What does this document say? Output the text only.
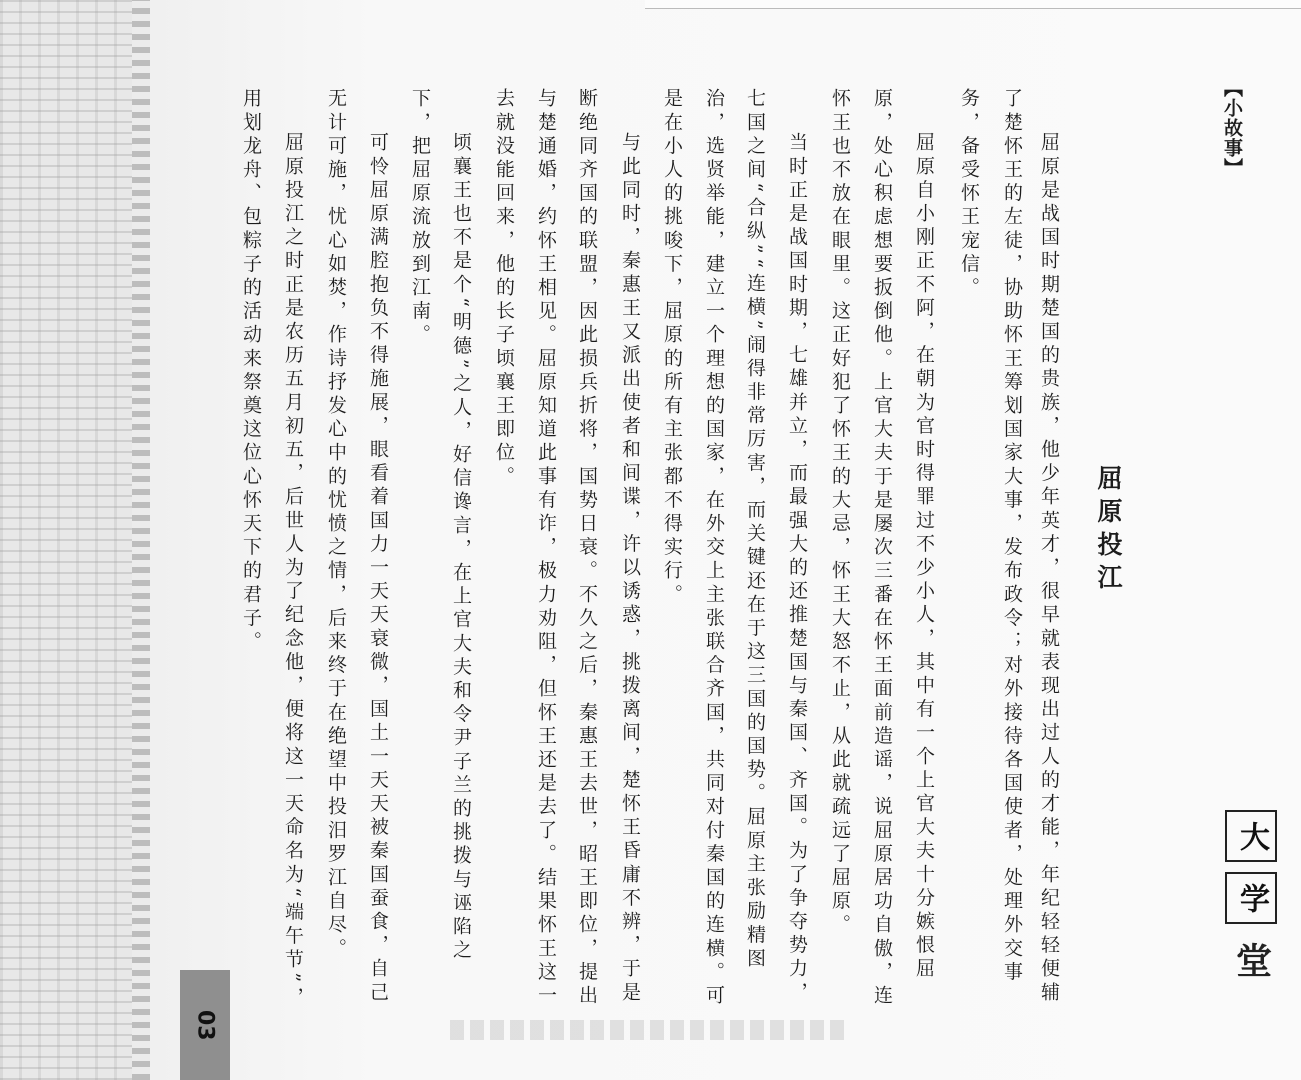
【小故事】
屈原投江
屈原是战国时期楚国的贵族，他少年英才，很早就表现出过人的才能，年纪轻轻便辅
了楚怀王的左徒，协助怀王筹划国家大事，发布政令；对外接待各国使者，处理外交事
务，备受怀王宠信。
屈原自小刚正不阿，在朝为官时得罪过不少小人，其中有一个上官大夫十分嫉恨屈
原，处心积虑想要扳倒他。上官大夫于是屡次三番在怀王面前造谣，说屈原居功自傲，连
怀王也不放在眼里。这正好犯了怀王的大忌，怀王大怒不止，从此就疏远了屈原。
当时正是战国时期，七雄并立，而最强大的还推楚国与秦国、齐国。为了争夺势力，
七国之间“合纵”“连横”闹得非常厉害，而关键还在于这三国的国势。屈原主张励精图
治，选贤举能，建立一个理想的国家，在外交上主张联合齐国，共同对付秦国的连横。可
是在小人的挑唆下，屈原的所有主张都不得实行。
与此同时，秦惠王又派出使者和间谍，许以诱惑，挑拨离间，楚怀王昏庸不辨，于是
断绝同齐国的联盟，因此损兵折将，国势日衰。不久之后，秦惠王去世，昭王即位，提出
与楚通婚，约怀王相见。屈原知道此事有诈，极力劝阻，但怀王还是去了。结果怀王这一
去就没能回来，他的长子顷襄王即位。
顷襄王也不是个“明德”之人，好信谗言，在上官大夫和令尹子兰的挑拨与诬陷之
下，把屈原流放到江南。
可怜屈原满腔抱负不得施展，眼看着国力一天天衰微，国土一天天被秦国蚕食，自己
无计可施，忧心如焚，作诗抒发心中的忧愤之情，后来终于在绝望中投汨罗江自尽。
屈原投江之时正是农历五月初五，后世人为了纪念他，便将这一天命名为“端午节”，
用划龙舟、包粽子的活动来祭奠这位心怀天下的君子。
大
学
堂
03
